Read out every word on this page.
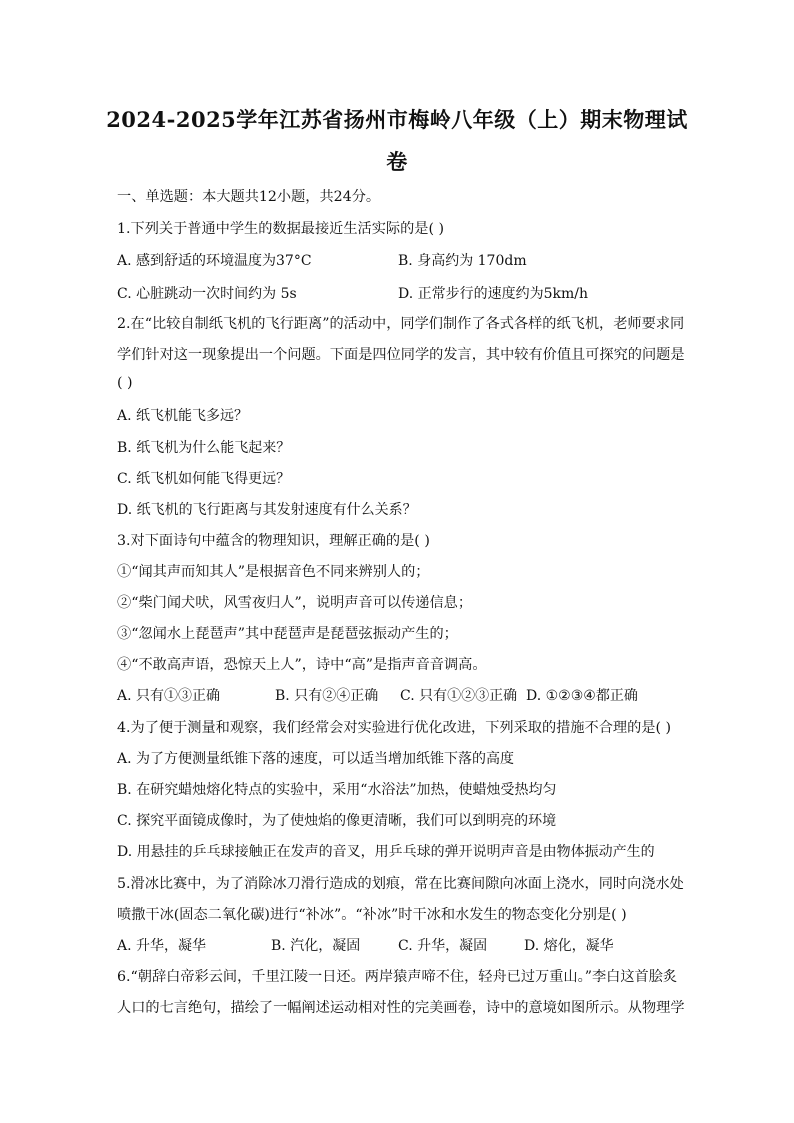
2024-2025学年江苏省扬州市梅岭八年级（上）期末物理试
卷
一、单选题：本大题共12小题，共24分。
1.下列关于普通中学生的数据最接近生活实际的是( )
A. 感到舒适的环境温度为37°C	B. 身高约为 170dm
C. 心脏跳动一次时间约为 5s	D. 正常步行的速度约为5km/h
2.在“比较自制纸飞机的飞行距离”的活动中，同学们制作了各式各样的纸飞机，老师要求同
学们针对这一现象提出一个问题。下面是四位同学的发言，其中较有价值且可探究的问题是
( )
A. 纸飞机能飞多远？
B. 纸飞机为什么能飞起来？
C. 纸飞机如何能飞得更远？
D. 纸飞机的飞行距离与其发射速度有什么关系？
3.对下面诗句中蕴含的物理知识，理解正确的是( )
①“闻其声而知其人”是根据音色不同来辨别人的；
②“柴门闻犬吠，风雪夜归人”，说明声音可以传递信息；
③“忽闻水上琵琶声”其中琵琶声是琵琶弦振动产生的；
④“不敢高声语，恐惊天上人”，诗中“高”是指声音音调高。
A. 只有①③正确	B. 只有②④正确 C. 只有①②③正确 D. ①②③④都正确
4.为了便于测量和观察，我们经常会对实验进行优化改进，下列采取的措施不合理的是( )
A. 为了方便测量纸锥下落的速度，可以适当增加纸锥下落的高度
B. 在研究蜡烛熔化特点的实验中，采用“水浴法”加热，使蜡烛受热均匀
C. 探究平面镜成像时，为了使烛焰的像更清晰，我们可以到明亮的环境
D. 用悬挂的乒乓球接触正在发声的音叉，用乒乓球的弹开说明声音是由物体振动产生的
5.滑冰比赛中，为了消除冰刀滑行造成的划痕，常在比赛间隙向冰面上浇水，同时向浇水处
喷撒干冰(固态二氧化碳)进行“补冰”。“补冰”时干冰和水发生的物态变化分别是( )
A. 升华，凝华	B. 汽化，凝固	C. 升华，凝固	D. 熔化，凝华
6.“朝辞白帝彩云间，千里江陵一日还。两岸猿声啼不住，轻舟已过万重山。”李白这首脍炙
人口的七言绝句，描绘了一幅阐述运动相对性的完美画卷，诗中的意境如图所示。从物理学
